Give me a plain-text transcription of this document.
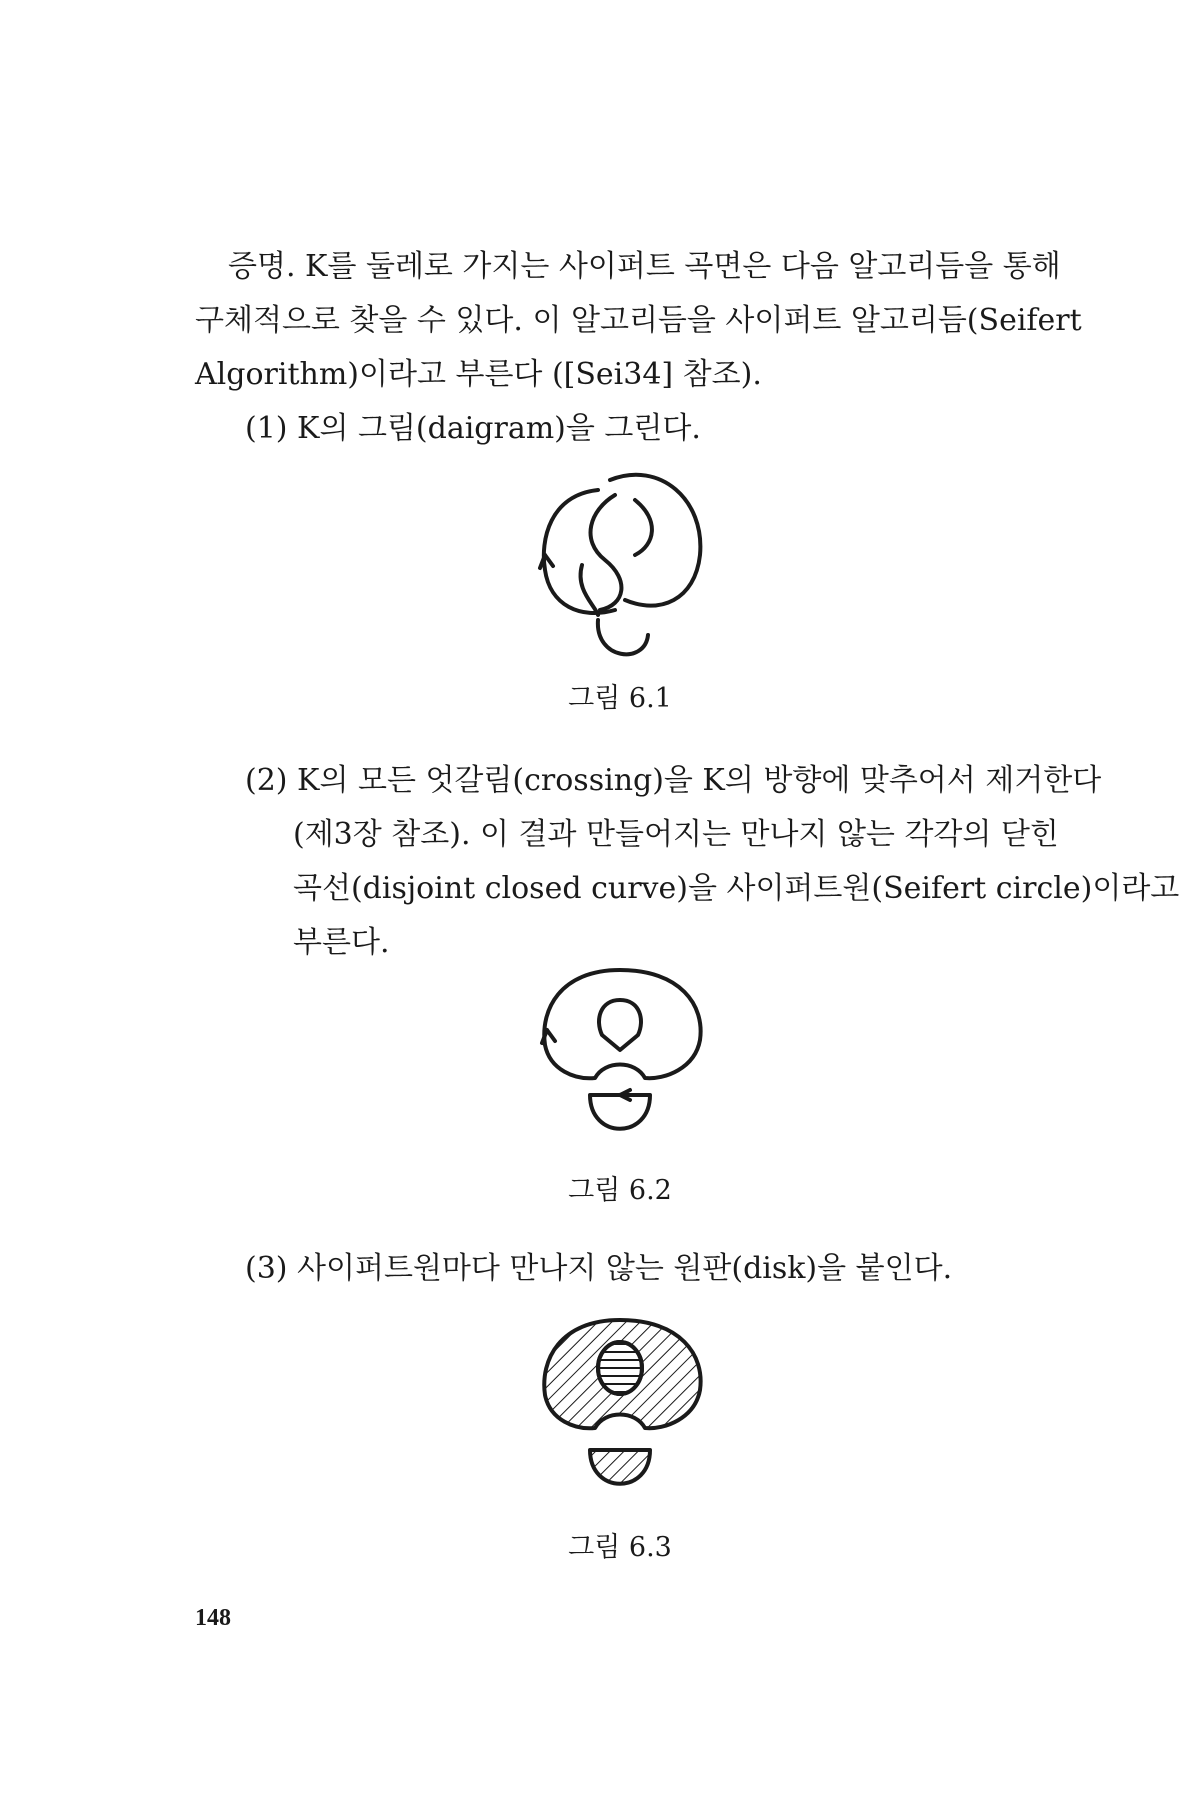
증명. K를 둘레로 가지는 사이퍼트 곡면은 다음 알고리듬을 통해
구체적으로 찾을 수 있다. 이 알고리듬을 사이퍼트 알고리듬(Seifert
Algorithm)이라고 부른다 ([Sei34] 참조).
(1) K의 그림(daigram)을 그린다.
그림 6.1
(2) K의 모든 엇갈림(crossing)을 K의 방향에 맞추어서 제거한다
(제3장 참조). 이 결과 만들어지는 만나지 않는 각각의 닫힌
곡선(disjoint closed curve)을 사이퍼트원(Seifert circle)이라고
부른다.
그림 6.2
(3) 사이퍼트원마다 만나지 않는 원판(disk)을 붙인다.
그림 6.3
148
